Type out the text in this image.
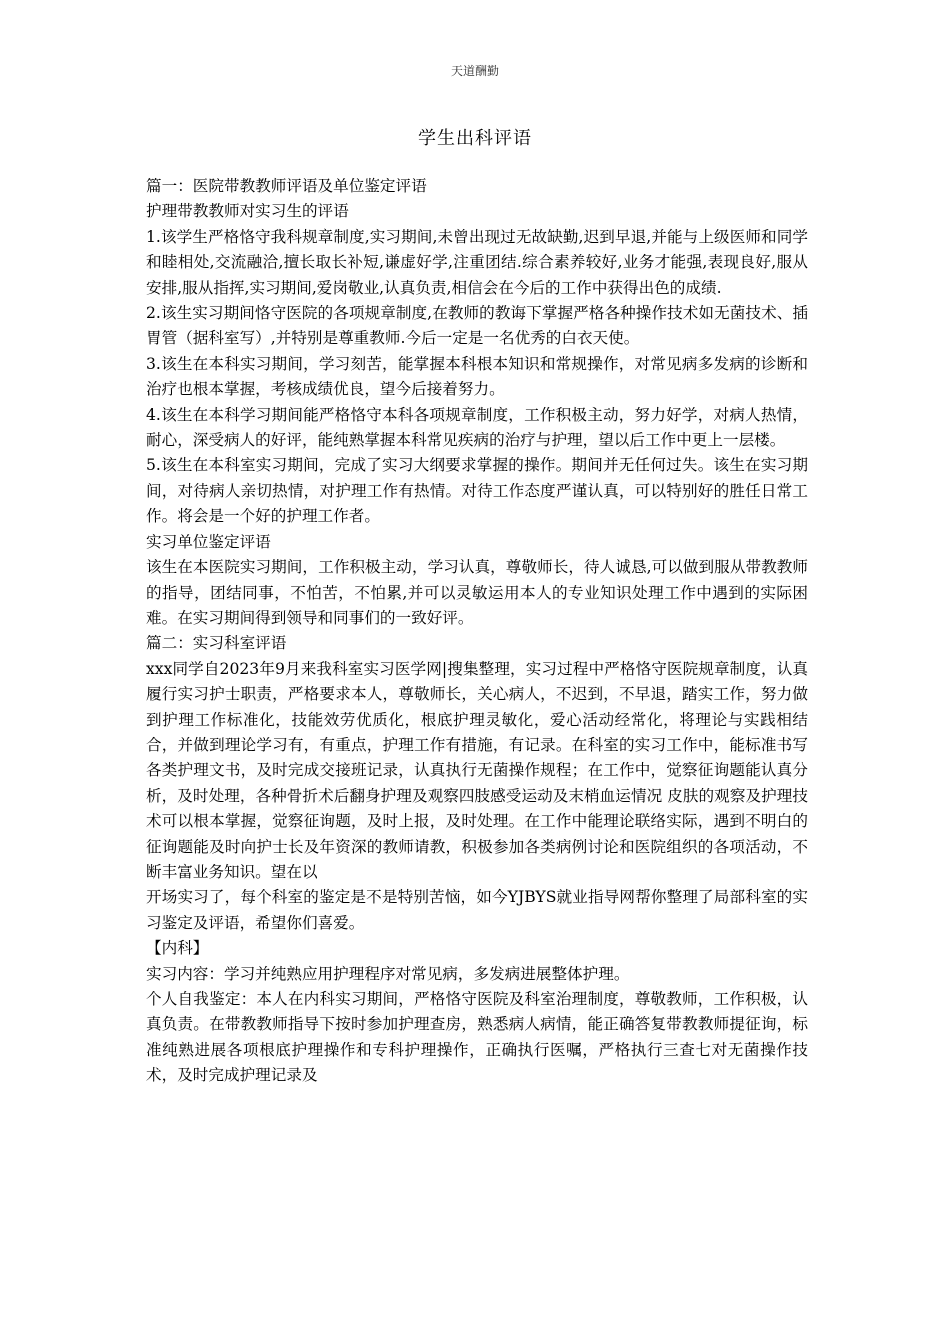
天道酬勤
学生出科评语

篇一：医院带教教师评语及单位鉴定评语

护理带教教师对实习生的评语

1.该学生严格恪守我科规章制度,实习期间,未曾出现过无故缺勤,迟到早退,并能与上级医师和同学和睦相处,交流融洽,擅长取长补短,谦虚好学,注重团结.综合素养较好,业务才能强,表现良好,服从安排,服从指挥,实习期间,爱岗敬业,认真负责,相信会在今后的工作中获得出色的成绩.

2.该生实习期间恪守医院的各项规章制度,在教师的教诲下掌握严格各种操作技术如无菌技术、插胃管（据科室写）,并特别是尊重教师.今后一定是一名优秀的白衣天使。

3.该生在本科实习期间，学习刻苦，能掌握本科根本知识和常规操作，对常见病多发病的诊断和治疗也根本掌握，考核成绩优良，望今后接着努力。

4.该生在本科学习期间能严格恪守本科各项规章制度，工作积极主动，努力好学，对病人热情，耐心，深受病人的好评，能纯熟掌握本科常见疾病的治疗与护理，望以后工作中更上一层楼。

5.该生在本科室实习期间，完成了实习大纲要求掌握的操作。期间并无任何过失。该生在实习期间，对待病人亲切热情，对护理工作有热情。对待工作态度严谨认真，可以特别好的胜任日常工作。将会是一个好的护理工作者。

实习单位鉴定评语

该生在本医院实习期间，工作积极主动，学习认真，尊敬师长，待人诚恳,可以做到服从带教教师的指导，团结同事，不怕苦，不怕累,并可以灵敏运用本人的专业知识处理工作中遇到的实际困难。在实习期间得到领导和同事们的一致好评。

篇二：实习科室评语

xxx同学自2023年9月来我科室实习医学网|搜集整理，实习过程中严格恪守医院规章制度，认真履行实习护士职责，严格要求本人，尊敬师长，关心病人，不迟到，不早退，踏实工作，努力做到护理工作标准化，技能效劳优质化，根底护理灵敏化，爱心活动经常化，将理论与实践相结合，并做到理论学习有，有重点，护理工作有措施，有记录。在科室的实习工作中，能标准书写各类护理文书，及时完成交接班记录，认真执行无菌操作规程；在工作中，觉察征询题能认真分析，及时处理，各种骨折术后翻身护理及观察四肢感受运动及末梢血运情况 皮肤的观察及护理技术可以根本掌握，觉察征询题，及时上报，及时处理。在工作中能理论联络实际，遇到不明白的征询题能及时向护士长及年资深的教师请教，积极参加各类病例讨论和医院组织的各项活动，不断丰富业务知识。望在以

开场实习了，每个科室的鉴定是不是特别苦恼，如今YJBYS就业指导网帮你整理了局部科室的实习鉴定及评语，希望你们喜爱。

【内科】

实习内容：学习并纯熟应用护理程序对常见病，多发病进展整体护理。

个人自我鉴定：本人在内科实习期间，严格恪守医院及科室治理制度，尊敬教师，工作积极，认真负责。在带教教师指导下按时参加护理查房，熟悉病人病情，能正确答复带教教师提征询，标准纯熟进展各项根底护理操作和专科护理操作，正确执行医嘱，严格执行三查七对无菌操作技术，及时完成护理记录及
